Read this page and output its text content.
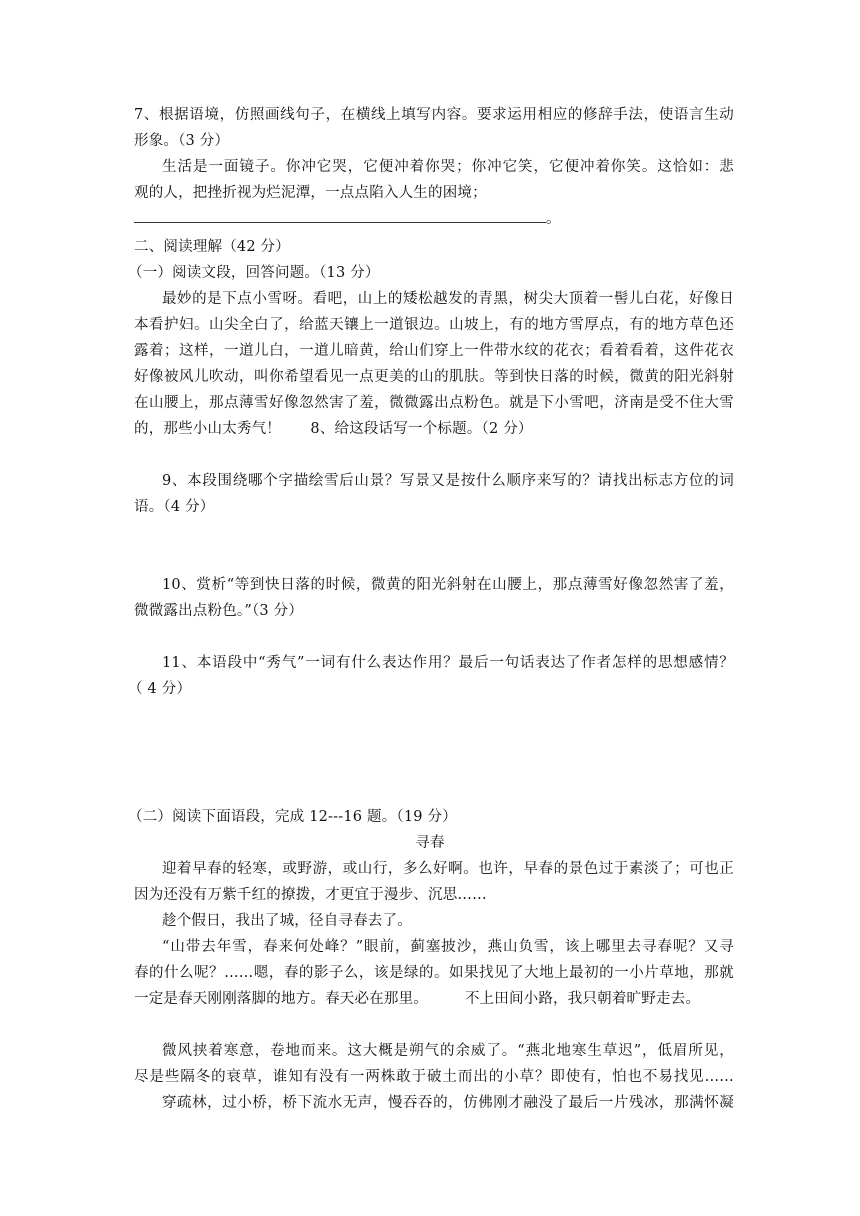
7、根据语境，仿照画线句子，在横线上填写内容。要求运用相应的修辞手法，使语言生动
形象。（3 分）
生活是一面镜子。你冲它哭，它便冲着你哭；你冲它笑，它便冲着你笑。这恰如：悲
观的人，把挫折视为烂泥潭，一点点陷入人生的困境；
。
二、阅读理解（42 分）
（一）阅读文段，回答问题。（13 分）
最妙的是下点小雪呀。看吧，山上的矮松越发的青黑，树尖大顶着一髻儿白花，好像日
本看护妇。山尖全白了，给蓝天镶上一道银边。山坡上，有的地方雪厚点，有的地方草色还
露着；这样，一道儿白，一道儿暗黄，给山们穿上一件带水纹的花衣；看着看着，这件花衣
好像被风儿吹动，叫你希望看见一点更美的山的肌肤。等到快日落的时候，微黄的阳光斜射
在山腰上，那点薄雪好像忽然害了羞，微微露出点粉色。就是下小雪吧，济南是受不住大雪
的，那些小山太秀气！　　8、给这段话写一个标题。（2 分）
9、本段围绕哪个字描绘雪后山景？写景又是按什么顺序来写的？请找出标志方位的词
语。（4 分）
10、赏析“等到快日落的时候，微黄的阳光斜射在山腰上，那点薄雪好像忽然害了羞，
微微露出点粉色。”（3 分）
11、本语段中“秀气”一词有什么表达作用？最后一句话表达了作者怎样的思想感情？
（ 4 分）
（二）阅读下面语段，完成 12---16 题。（19 分）
寻春
迎着早春的轻寒，或野游，或山行，多么好啊。也许，早春的景色过于素淡了；可也正
因为还没有万紫千红的撩拨，才更宜于漫步、沉思……
趁个假日，我出了城，径自寻春去了。
“山带去年雪，春来何处峰？”眼前，蓟塞披沙，燕山负雪，该上哪里去寻春呢？又寻
春的什么呢？……嗯，春的影子么，该是绿的。如果找见了大地上最初的一小片草地，那就
一定是春天刚刚落脚的地方。春天必在那里。　　　不上田间小路，我只朝着旷野走去。
微风挟着寒意，卷地而来。这大概是朔气的余威了。“燕北地寒生草迟”，低眉所见，
尽是些隔冬的衰草，谁知有没有一两株敢于破土而出的小草？即使有，怕也不易找见……
穿疏林，过小桥，桥下流水无声，慢吞吞的，仿佛刚才融没了最后一片残冰，那满怀凝
